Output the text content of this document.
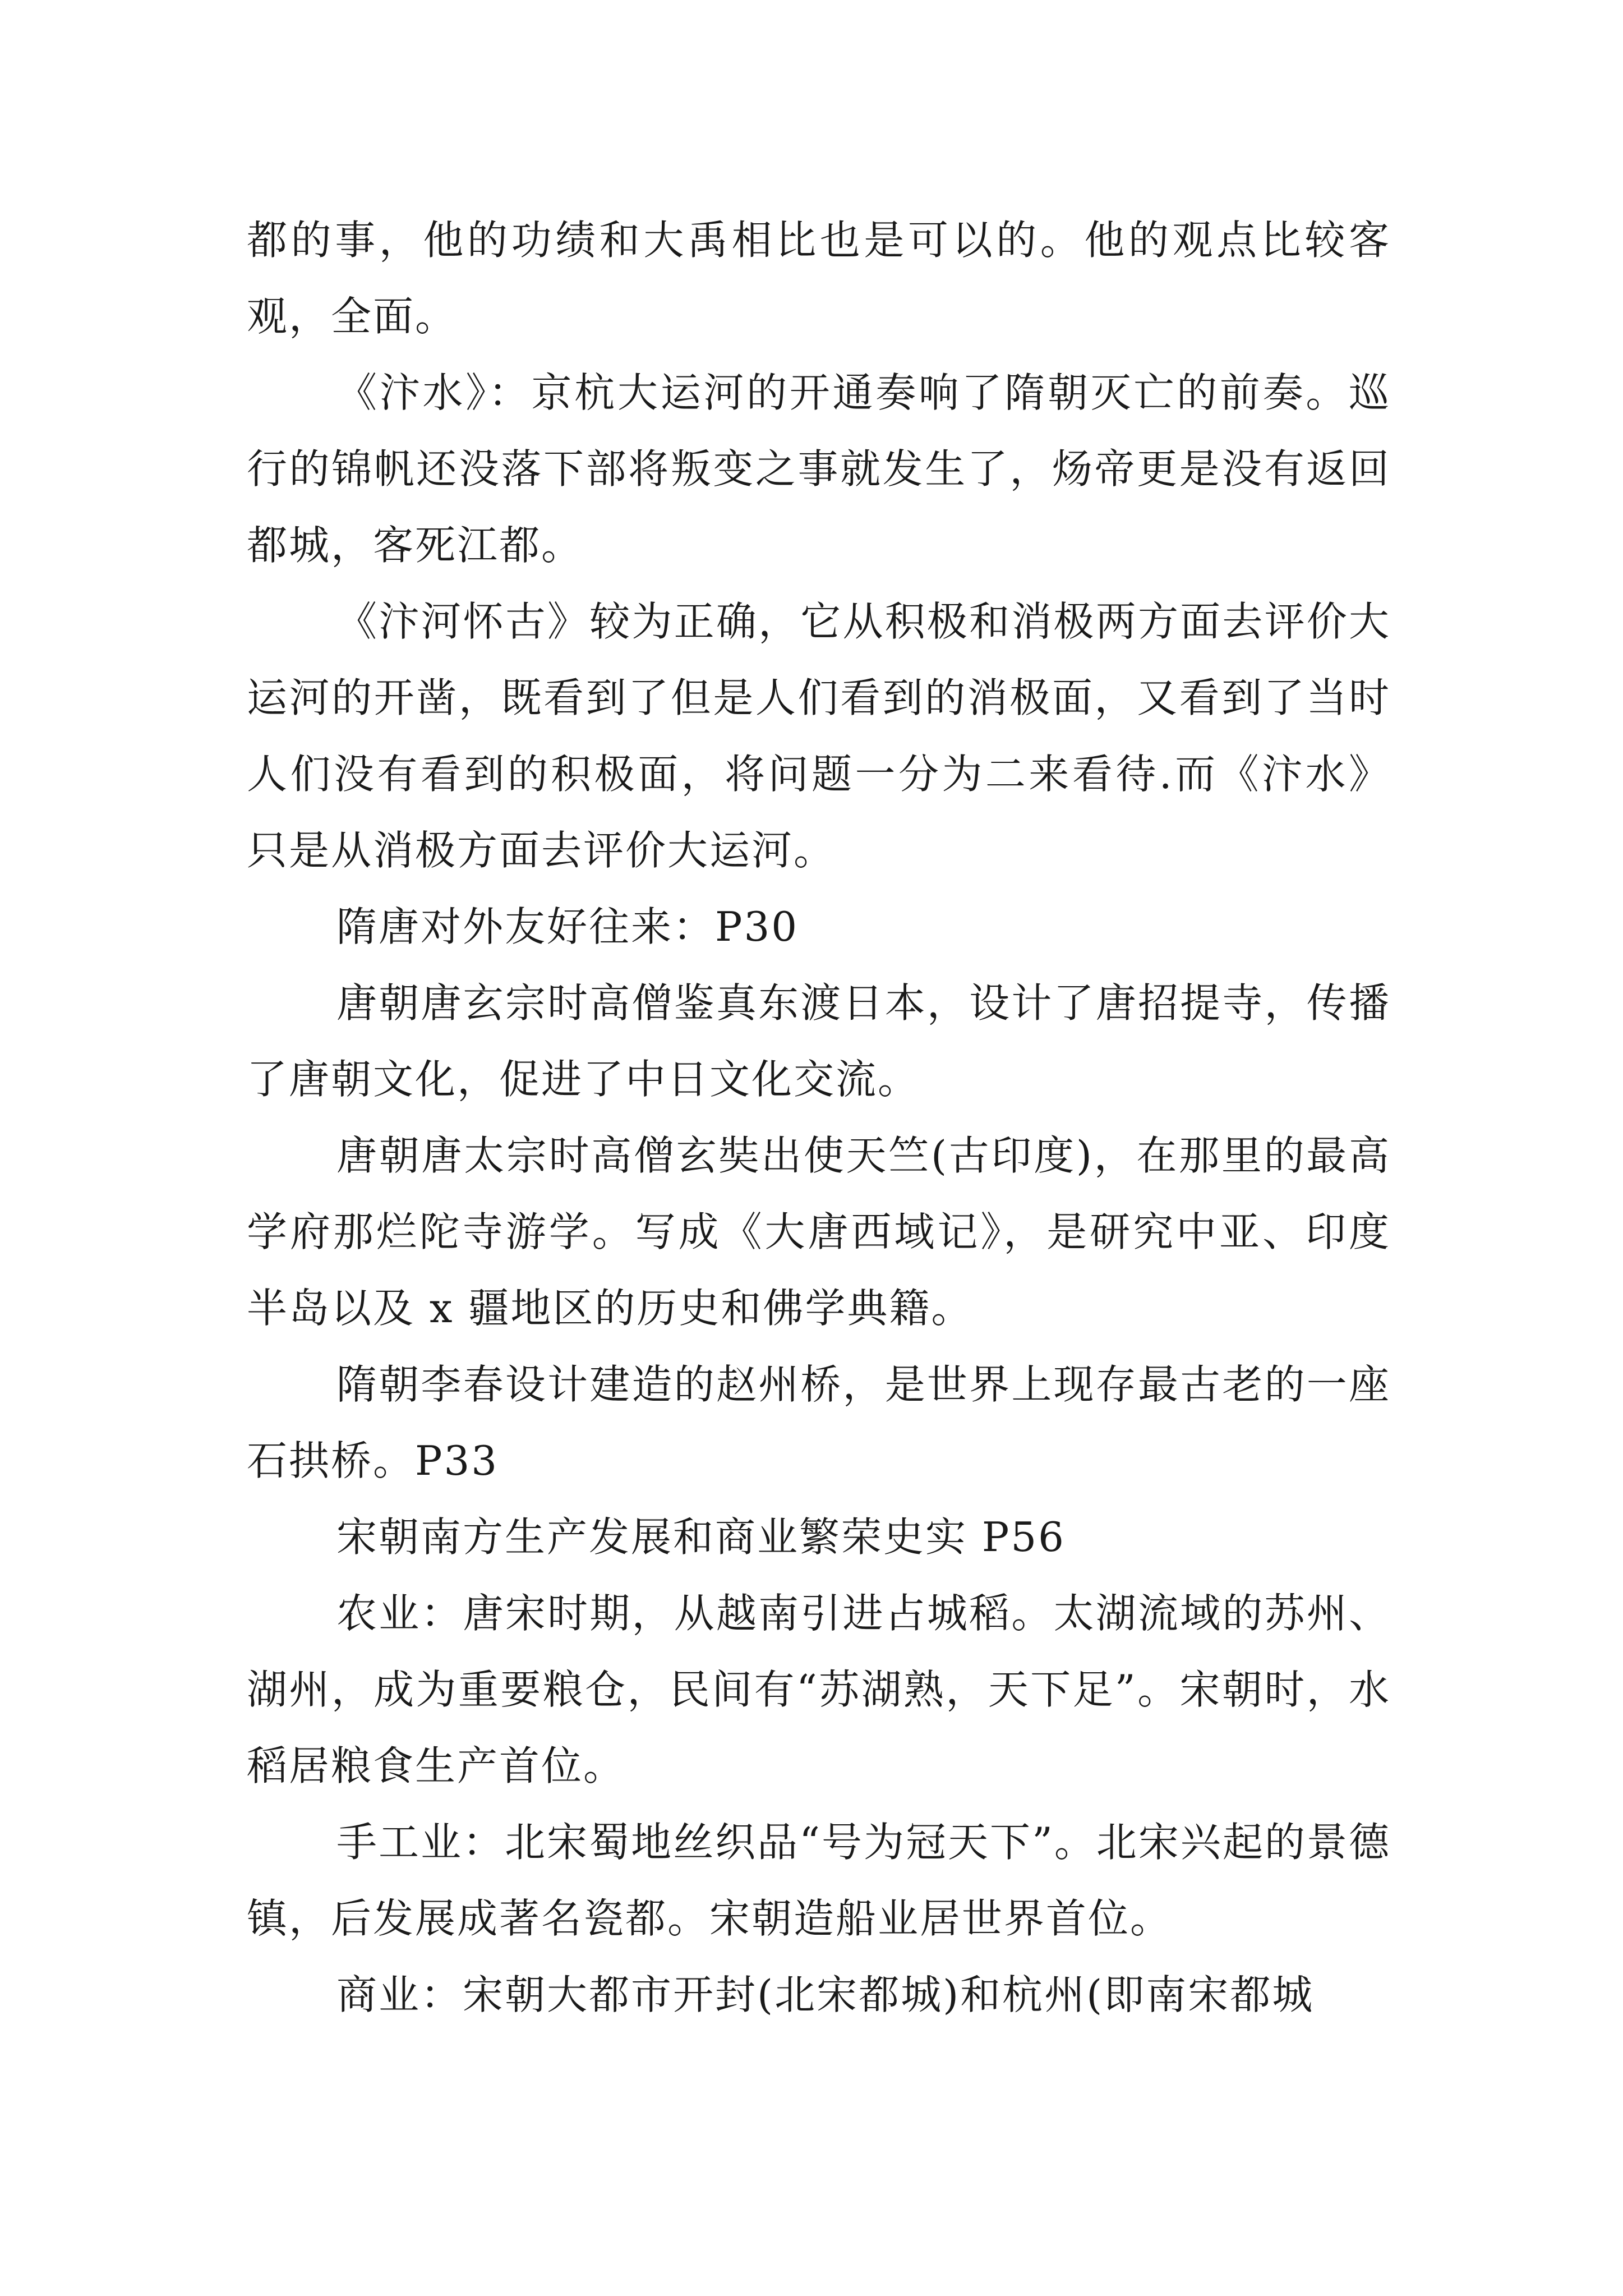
都的事，他的功绩和大禹相比也是可以的。他的观点比较客观，全面。

《汴水》：京杭大运河的开通奏响了隋朝灭亡的前奏。巡行的锦帆还没落下部将叛变之事就发生了，炀帝更是没有返回都城，客死江都。

《汴河怀古》较为正确，它从积极和消极两方面去评价大运河的开凿，既看到了但是人们看到的消极面，又看到了当时人们没有看到的积极面，将问题一分为二来看待.而《汴水》只是从消极方面去评价大运河。

隋唐对外友好往来：P30

唐朝唐玄宗时高僧鉴真东渡日本，设计了唐招提寺，传播了唐朝文化，促进了中日文化交流。

唐朝唐太宗时高僧玄奘出使天竺(古印度)，在那里的最高学府那烂陀寺游学。写成《大唐西域记》，是研究中亚、印度半岛以及 x 疆地区的历史和佛学典籍。

隋朝李春设计建造的赵州桥，是世界上现存最古老的一座石拱桥。P33

宋朝南方生产发展和商业繁荣史实 P56

农业：唐宋时期，从越南引进占城稻。太湖流域的苏州、湖州，成为重要粮仓，民间有“苏湖熟，天下足”。宋朝时，水稻居粮食生产首位。

手工业：北宋蜀地丝织品“号为冠天下”。北宋兴起的景德镇，后发展成著名瓷都。宋朝造船业居世界首位。

商业：宋朝大都市开封(北宋都城)和杭州(即南宋都城
